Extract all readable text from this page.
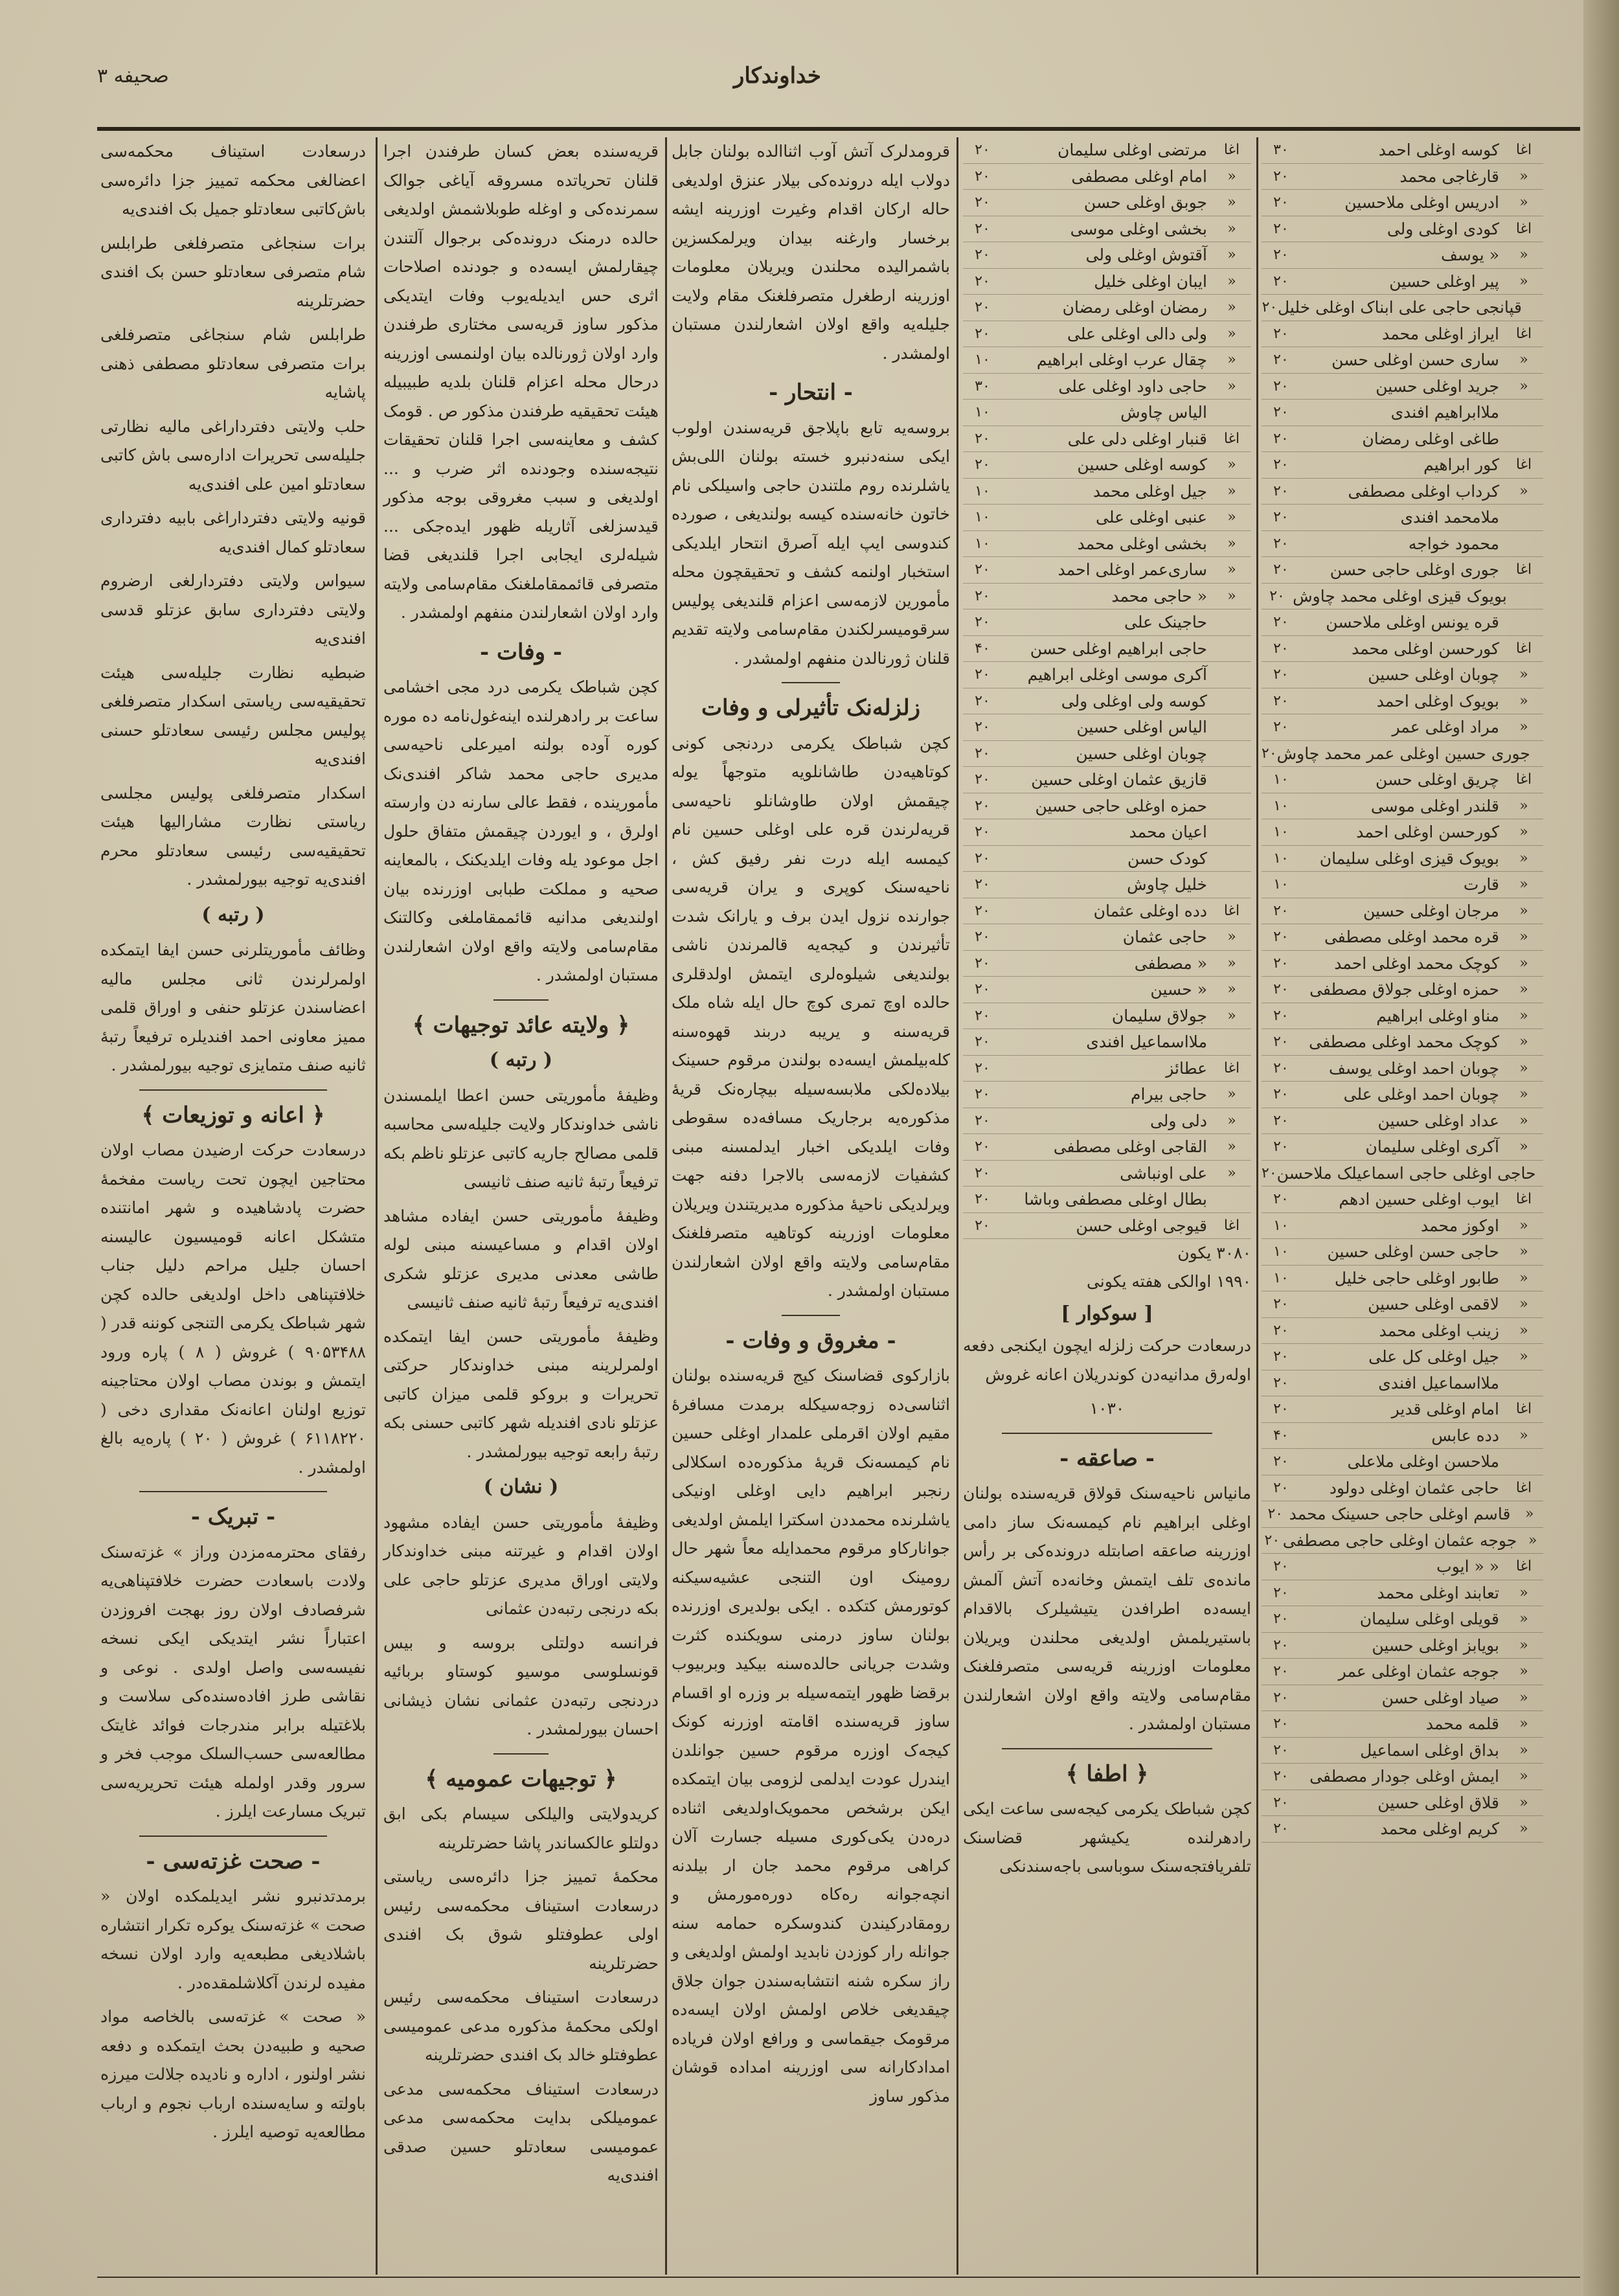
خداوندکار
صحیفه ۳

درسعادت استیناف محکمه‌سی اعضالغی محکمه تمییز جزا دائره‌سی باش‌کاتبی سعادتلو جمیل بک افندی‌یه

برات سنجاغی متصرفلغی طرابلس شام متصرفی سعادتلو حسن بک افندی حضرتلرینه

طرابلس شام سنجاغی متصرفلغی برات متصرفی سعادتلو مصطفی ذهنی پاشایه

حلب ولایتی دفترداراغی مالیه نظارتی جلیله‌سی تحریرات اداره‌سی باش کاتبی سعادتلو امین علی افندی‌یه

قونیه ولایتی دفترداراغی بابیه دفترداری سعادتلو کمال افندی‌یه

سیواس ولایتی دفتردارلغی ارضروم ولایتی دفترداری سابق عزتلو قدسی افندی‌یه

ضبطیه نظارت جلیله‌سی هیئت تحقیقیه‌سی ریاستی اسکدار متصرفلغی پولیس مجلس رئیسی سعادتلو حسنی افندی‌یه

اسکدار متصرفلغی پولیس مجلسی ریاستی نظارت مشارالیها هیئت تحقیقیه‌سی رئیسی سعادتلو محرم افندی‌یه توجیه بیورلمشدر .

( رتبه )

وظائف مأموریتلرنی حسن ایفا ایتمکده اولمرلرندن ثانی مجلس مالیه اعضاسندن عزتلو حنفی و اوراق قلمی ممیز معاونی احمد افندیلره ترفیعاً رتبهٔ ثانیه صنف متمایزی توجیه بیورلمشدر .

﴿ اعانه و توزیعات ﴾

درسعادت حرکت ارضیدن مصاب اولان محتاجین ایچون تحت ریاست مفخمهٔ حضرت پادشاهیده و شهر امانتنده متشکل اعانه قومیسیون عالیسنه احسان جلیل مراحم دلیل جناب خلافتپناهی داخل اولدیغی حالده کچن شهر شباطک یکرمی التنجی کوننه قدر ( ۹۰۵۳۴۸۸ ) غروش ( ۸ ) پاره ورود ایتمش و بوندن مصاب اولان محتاجینه توزیع اولنان اعانه‌نک مقداری دخی ( ۶۱۱۸۲۲۰ ) غروش ( ۲۰ ) پاره‌یه بالغ اولمشدر .

- تبریک -

رفقای محترمه‌مزدن وراز » غزته‌سنک ولادت باسعادت حضرت خلافتپناهی‌یه شرفصادف اولان روز بهجت افروزدن اعتباراً نشر ایتدیکی ایکی نسخه نفیسه‌سی واصل اولدی . نوعی و نقاشی طرز افاده‌سنده‌کی سلاست و بلاغتیله برابر مندرجات فوائد غایتک مطالعه‌سی حسب‌السلک موجب فخر و سرور وقدر اولمله هیئت تحریریه‌سی تبریک مسارعت ایلرز .

- صحت غزته‌سی -

برمدتدنبرو نشر ایدیلمکده اولان « صحت » غزته‌سنک یوکره تکرار انتشاره باشلادیغی مطبعه‌یه وارد اولان نسخه مفیده لرندن آکلاشلمقده‌در .

« صحت » غزته‌سی بالخاصه مواد صحیه و طبیه‌دن بحث ایتمکده و دفعه نشر اولنور ، اداره و نادیده جلالت میرزه باولته و سایه‌سنده ارباب نجوم و ارباب مطالعه‌یه توصیه ایلرز .

قریه‌سنده بعض کسان طرفندن اجرا قلنان تحریاتده مسروقه آیاغی جوالک سمرنده‌کی و اوغله طوبلاشمش اولدیغی حالده درمنک درونده‌کی برجوال آلتندن چیقارلمش ایسه‌ده و جودنده اصلاحات اثری حس ایدیله‌یوب وفات ایتدیکی مذکور ساوز قریه‌سی مختاری طرفندن وارد اولان ژورنالده بیان اولنمسی اوزرینه درحال محله اعزام قلنان بلدیه طبیبیله هیئت تحقیقیه طرفندن مذکور ص . قومک کشف و معاینه‌سی اجرا قلنان تحقیقات نتیجه‌سنده وجودنده اثر ضرب و ... اولدیغی و سبب مغروقی بوجه مذکور قیدسزلغی آثاریله ظهور ایده‌جکی ... شیله‌لری ایجابی اجرا قلندیغی قضا متصرفی قائممقاملغنک مقام‌سامی ولایته وارد اولان اشعارلندن منفهم اولمشدر .

- وفات -

کچن شباطک یکرمی درد مجی اخشامی ساعت بر رادهرلنده اینه‌غول‌نامه ده موره کوره آوده بولنه امیرعلی ناحیه‌سی مدیری حاجی محمد شاکر افندی‌نک مأمورینده ، فقط عالی سارنه دن وارسته اولرق ، و ایوردن چیقمش متفاق حلول اجل موعود یله وفات ایلدیکنک ، بالمعاینه صحیه و مملکت طبابی اوزرنده بیان اولندیغی مدانیه قائممقاملغی وکالتنک مقام‌سامی ولایته واقع اولان اشعارلندن مستبان اولمشدر .

﴿ ولایته عائد توجیهات ﴾
( رتبه )

وظیفهٔ مأموریتی حسن اعطا ایلمسندن ناشی خداوندکار ولایت جلیله‌سی محاسبه قلمی مصالح جاریه کاتبی عزتلو ناظم بکه ترفیعاً رتبهٔ ثانیه صنف ثانیسی

وظیفهٔ مأموریتی حسن ایفاده مشاهد اولان اقدام و مساعیسنه مبنی لوله طاشی معدنی مدیری عزتلو شکری افندی‌یه ترفیعاً رتبهٔ ثانیه صنف ثانیسی

وظیفهٔ مأموریتی حسن ایفا ایتمکده اولمرلرینه مبنی خداوندکار حرکتی تحریرات و بروکو قلمی میزان کاتبی عزتلو نادی افندیله شهر کاتبی حسنی بکه رتبهٔ رابعه توجیه بیورلمشدر .

( نشان )

وظیفهٔ مأموریتی حسن ایفاده مشهود اولان اقدام و غیرتنه مبنی خداوندکار ولایتی اوراق مدیری عزتلو حاجی علی بکه درنجی رتبه‌دن عثمانی

فرانسه دولتلی بروسه و بیس قونسلوسی موسیو کوستاو بربائیه دردنجی رتبه‌دن عثمانی نشان ذیشانی احسان بیورلمشدر .

﴿ توجیهات عمومیه ﴾

کریدولایتی والیلکی سیسام بکی ابق دولتلو عالکساندر پاشا حضرتلرینه

محکمهٔ تمییز جزا دائره‌سی ریاستی درسعادت استیناف محکمه‌سی رئیس اولی عطوفتلو شوق بک افندی حضرتلرینه

درسعادت استیناف محکمه‌سی رئیس اولکی محکمهٔ مذکوره مدعی عمومیسی عطوفتلو خالد بک افندی حضرتلرینه

درسعادت استیناف محکمه‌سی مدعی عمومیلکی بدایت محکمه‌سی مدعی عمومیسی سعادتلو حسین صدقی افندی‌یه

قرومدلرک آتش آوب اثناالده بولنان جابل دولاب ایله درونده‌کی بیلار عنزق اولدیغی حاله ارکان اقدام وغیرت اوزرینه ایشه برخسار وارغنه بیدان ویرلمکسزین باشمرالیده محلندن ویریلان معلومات اوزرینه ارطغرل متصرفلغنک مقام ولایت جلیله‌یه واقع اولان اشعارلندن مستبان اولمشدر .

- انتحار -

بروسه‌یه تابع باپلاجق قریه‌سندن اولوب ایکی سنه‌دنبرو خسته بولنان اللی‌بش یاشلرنده روم ملتندن حاجی واسیلکی نام خاتون خانه‌سنده کیسه بولندیغی ، صورده کندوسی ایپ ایله آصرق انتحار ایلدیکی استخبار اولنمه کشف و تحقیقچون محله مأمورین لازمه‌سی اعزام قلندیغی پولیس سرقومیسرلکندن مقام‌سامی ولایته تقدیم قلنان ژورنالدن منفهم اولمشدر .

زلزله‌نک تأثیرلی و وفات

کچن شباطک یکرمی دردنجی کونی کوتاهیه‌دن طاشانلویه متوجهاً یوله چیقمش اولان طاوشانلو ناحیه‌سی قریه‌لرندن قره علی اوغلی حسین نام کیمسه ایله درت نفر رفیق کش ، ناحیه‌سنک کوپری و یران قریه‌سی جوارنده نزول ایدن برف و یارانک شدت تأثیرندن و کیجه‌یه قالمرندن ناشی بولندیغی شیلوه‌لری ایتمش اولدقلری حالده اوچ تمری کوچ حال ایله شاه ملک قریه‌سنه و یریبه دربند قهوه‌سنه کله‌بیلمش ایسه‌ده بولندن مرقوم حسینک بیلاده‌لکی ملابسه‌سیله بیچاره‌نک قریهٔ مذکوره‌یه برجاریک مسافه‌ده سقوطی وفات ایلدیکی اخبار ایدلمسنه مبنی کشفیات لازمه‌سی بالاجرا دفنه جهت ویرلدیکی ناحیهٔ مذکوره مدیریتندن ویریلان معلومات اوزرینه کوتاهیه متصرفلغنک مقام‌سامی ولایته واقع اولان اشعارلندن مستبان اولمشدر .

- مغروق و وفات -

بازارکوی قضاسنک کیج قریه‌سنده بولنان اثناسی‌ده زوجه‌سیکله برمدت مسافرهٔ مقیم اولان اقرملی علمدار اوغلی حسین نام کیمسه‌نک قریهٔ مذکوره‌ده اسکلالی رنجبر ابراهیم دایی اوغلی اونیکی یاشلرنده محمددن اسکترا ایلمش اولدیغی جوانارکاو مرقوم محمدایله معاً شهر حال رومینک اون التنجی عشیه‌سیکنه کوتورمش کتکده . ایکی بولدیری اوزرنده بولنان ساوز درمنی سویکنده کثرت وشدت جریانی حالده‌سنه بیکید وبربیوب برقضا ظهور ایتمه‌سیله بر وزره او اقسام ساوز قریه‌سنده اقامته اوزرنه کونک کیجه‌ک اوزره مرقوم حسین جوانلدن ایندرل عودت ایدلمی لزومی بیان ایتمکده ایکن برشخص محمویک‌اولدیغی اثناده دره‌دن یکی‌کوری مسیله جسارت آلان کراهی مرقوم محمد جان ار بیلدنه انچه‌جوانه ره‌کاه دوره‌مورمش و رومقادرکیندن کندوسکره حمامه سنه جوانله رار کوزدن نابدید اولمش اولدیغی و راز سکره شنه انتشابه‌سندن جوان جلاق چیقدیغی خلاص اولمش اولان ایسه‌ده مرقومک جیقماسی و ورافع اولان فریاده امدادکارانه سی اوزرینه امداده قوشان مذکور ساوز

اغا
مرتضی اوغلی سلیمان
۲۰
«
امام اوغلی مصطفی
۲۰
«
جوبق اوغلی حسن
۲۰
«
بخشی اوغلی موسی
۲۰
«
آقتوش اوغلی ولی
۲۰
«
ایبان اوغلی خلیل
۲۰
«
رمضان اوغلی رمضان
۲۰
«
ولی دالی اوغلی علی
۲۰
«
چقال عرب اوغلی ابراهیم
۱۰
«
حاجی داود اوغلی علی
۳۰
الیاس چاوش
۱۰
اغا
قنبار اوغلی دلی علی
۲۰
«
کوسه اوغلی حسین
۲۰
«
جیل اوغلی محمد
۱۰
«
عنبی اوغلی علی
۱۰
«
بخشی اوغلی محمد
۱۰
«
ساری‌عمر اوغلی احمد
۲۰
«
« حاجی محمد
۲۰
حاجینک علی
۲۰
حاجی ابراهیم اوغلی حسن
۴۰
آکری موسی اوغلی ابراهیم
۲۰
کوسه ولی اوغلی ولی
۲۰
الیاس اوغلی حسین
۲۰
چوبان اوغلی حسین
۲۰
قازیق عثمان اوغلی حسین
۲۰
حمزه اوغلی حاجی حسین
۲۰
اعیان محمد
۲۰
کودک حسن
۲۰
خلیل چاوش
۲۰
اغا
دده اوغلی عثمان
۲۰
«
حاجی عثمان
۲۰
«
« مصطفی
۲۰
«
« حسین
۲۰
«
جولاق سلیمان
۲۰
ملااسماعیل افندی
۲۰
اغا
عطائز
۲۰
«
حاجی بیرام
۲۰
«
دلی ولی
۲۰
«
القاجی اوغلی مصطفی
۲۰
«
علی اونباشی
۲۰
بطال اوغلی مصطفی وباشا
۲۰
اغا
قیوجی اوغلی حسن
۲۰
۳۰۸۰ یکون
۱۹۹۰ اوالکی هفته یکونی
[ سوکوار ]

درسعادت حرکت زلزله ایچون ایکنجی دفعه اوله‌رق مدانیه‌دن کوندریلان اعانه غروش

۱۰۳۰

- صاعقه -

مانیاس ناحیه‌سنک قولاق قریه‌سنده بولنان اوغلی ابراهیم نام کیمسه‌نک ساز دامی اوزرینه صاعقه اصابتله درونده‌کی بر رأس مانده‌ی تلف ایتمش وخانه‌ده آتش آلمش ایسه‌ده اطرافدن یتیشیلرک بالاقدام باستیریلمش اولدیغی محلندن ویریلان معلومات اوزرینه قریه‌سی متصرفلغنک مقام‌سامی ولایته واقع اولان اشعارلندن مستبان اولمشدر .

﴿ اطفا ﴾

کچن شباطک یکرمی کیجه‌سی ساعت ایکی رادهرلنده یکیشهر قضاسنک تلفریافتجه‌سنک سوباسی باجه‌سندنکی

اغا
کوسه اوغلی احمد
۳۰
«
قارغاجی محمد
۲۰
«
ادریس اوغلی ملاحسین
۲۰
اغا
کودی اوغلی ولی
۲۰
«
« یوسف
۲۰
«
پیر اوغلی حسین
۲۰
قپانجی حاجی علی ابناک اوغلی خلیل
۲۰
اغا
ایراز اوغلی محمد
۲۰
«
ساری حسن اوغلی حسن
۲۰
«
جرید اوغلی حسین
۲۰
ملاابراهیم افندی
۲۰
طاغی اوغلی رمضان
۲۰
اغا
کور ابراهیم
۲۰
«
کرداب اوغلی مصطفی
۲۰
ملامحمد افندی
۲۰
محمود خواجه
۲۰
اغا
جوری اوغلی حاجی حسن
۲۰
بویوک قیزی اوغلی محمد چاوش
۲۰
قره یونس اوغلی ملاحسن
۲۰
اغا
کورحسن اوغلی محمد
۲۰
«
چوبان اوغلی حسین
۲۰
«
بویوک اوغلی احمد
۲۰
«
مراد اوغلی عمر
۲۰
جوری حسین اوغلی عمر محمد چاوش
۲۰
اغا
چریق اوغلی حسن
۱۰
«
قلندر اوغلی موسی
۱۰
«
کورحسن اوغلی احمد
۱۰
«
بویوک قیزی اوغلی سلیمان
۱۰
«
قارت
۱۰
«
مرجان اوغلی حسین
۲۰
«
قره محمد اوغلی مصطفی
۲۰
«
کوچک محمد اوغلی احمد
۲۰
«
حمزه اوغلی جولاق مصطفی
۲۰
«
مناو اوغلی ابراهیم
۲۰
«
کوچک محمد اوغلی مصطفی
۲۰
«
چوبان احمد اوغلی یوسف
۲۰
«
چوبان احمد اوغلی علی
۲۰
«
عداد اوغلی حسین
۲۰
«
آکری اوغلی سلیمان
۲۰
حاجی اوغلی حاجی اسماعیلک ملاحسن
۲۰
اغا
ایوب اوغلی حسین ادهم
۲۰
«
اوکوز محمد
۱۰
«
حاجی حسن اوغلی حسین
۱۰
«
طابور اوغلی حاجی خلیل
۱۰
«
لاقمی اوغلی حسین
۲۰
«
زینب اوغلی محمد
۲۰
«
جیل اوغلی کل علی
۲۰
ملااسماعیل افندی
۲۰
اغا
امام اوغلی قدیر
۲۰
«
دده عابس
۴۰
ملاحسن اوغلی ملاعلی
۲۰
اغا
حاجی عثمان اوغلی دولود
۲۰
«
قاسم اوغلی حاجی حسینک محمد
۲۰
«
جوجه عثمان اوغلی حاجی مصطفی
۲۰
اغا
« « ایوب
۲۰
«
تعابند اوغلی محمد
۲۰
«
قویلی اوغلی سلیمان
۲۰
«
بویابز اوغلی حسین
۲۰
«
جوجه عثمان اوغلی عمر
۲۰
«
صیاد اوغلی حسن
۲۰
«
قلمه محمد
۲۰
«
بداق اوغلی اسماعیل
۲۰
«
ایمش اوغلی جودار مصطفی
۲۰
«
قلاق اوغلی حسین
۲۰
«
کریم اوغلی محمد
۲۰
